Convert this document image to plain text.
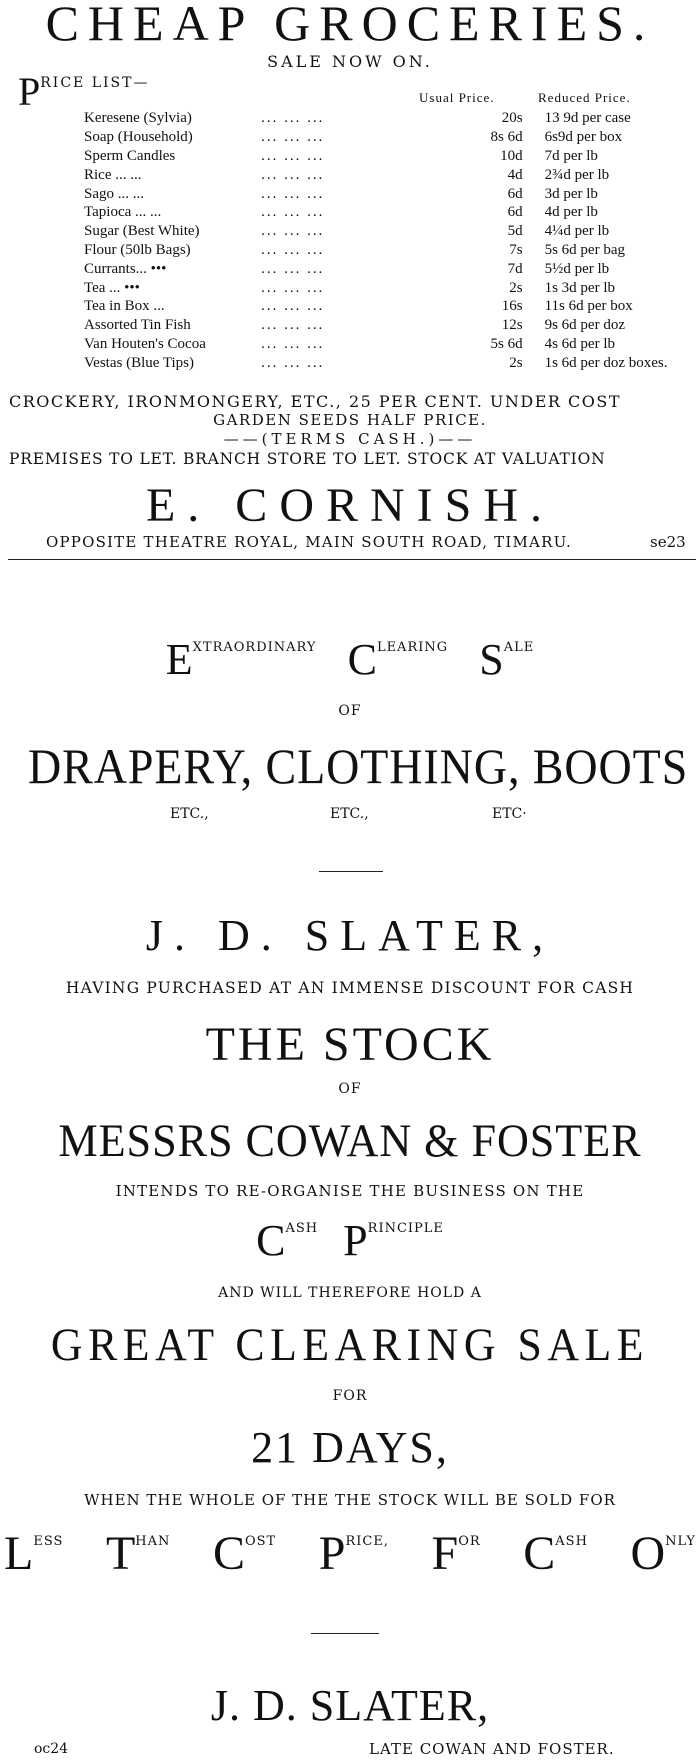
CHEAP GROCERIES.
SALE NOW ON.
PRICE LIST—
Usual Price.	Reduced Price.
Keresene (Sylvia)	... ... ...	20s	13 9d per case
Soap (Household)	... ... ...	8s 6d	6s9d per box
Sperm Candles	... ... ...	10d	7d per lb
Rice ... ...	... ... ...	4d	2¾d per lb
Sago ... ...	... ... ...	6d	3d per lb
Tapioca ... ...	... ... ...	6d	4d per lb
Sugar (Best White)	... ... ...	5d	4¼d per lb
Flour (50lb Bags)	... ... ...	7s	5s 6d per bag
Currants... •••	... ... ...	7d	5½d per lb
Tea ... •••	... ... ...	2s	1s 3d per lb
Tea in Box ...	... ... ...	16s	11s 6d per box
Assorted Tin Fish	... ... ...	12s	9s 6d per doz
Van Houten's Cocoa	... ... ...	5s 6d	4s 6d per lb
Vestas (Blue Tips)	... ... ...	2s	1s 6d per doz boxes.
CROCKERY, IRONMONGERY, ETC., 25 PER CENT. UNDER COST
GARDEN SEEDS HALF PRICE.
——(TERMS CASH.)——
PREMISES TO LET. BRANCH STORE TO LET. STOCK AT VALUATION
E. CORNISH.
OPPOSITE THEATRE ROYAL, MAIN SOUTH ROAD, TIMARU.	se23
EXTRAORDINARY CLEARING SALE
OF
DRAPERY, CLOTHING, BOOTS
ETC.,	ETC.,	ETC·
J. D. SLATER,
HAVING PURCHASED AT AN IMMENSE DISCOUNT FOR CASH
THE STOCK
OF
MESSRS COWAN & FOSTER
INTENDS TO RE-ORGANISE THE BUSINESS ON THE
CASH PRINCIPLE
AND WILL THEREFORE HOLD A
GREAT CLEARING SALE
FOR
21 DAYS,
WHEN THE WHOLE OF THE THE STOCK WILL BE SOLD FOR
$L^{ESS}$ $T^{HAN}$ $C^{OST}$ $P^{RICE,}$ $F^{OR}$ $C^{ASH}$ $O^{NLY}$
J. D. SLATER,
oc24	LATE COWAN AND FOSTER.
